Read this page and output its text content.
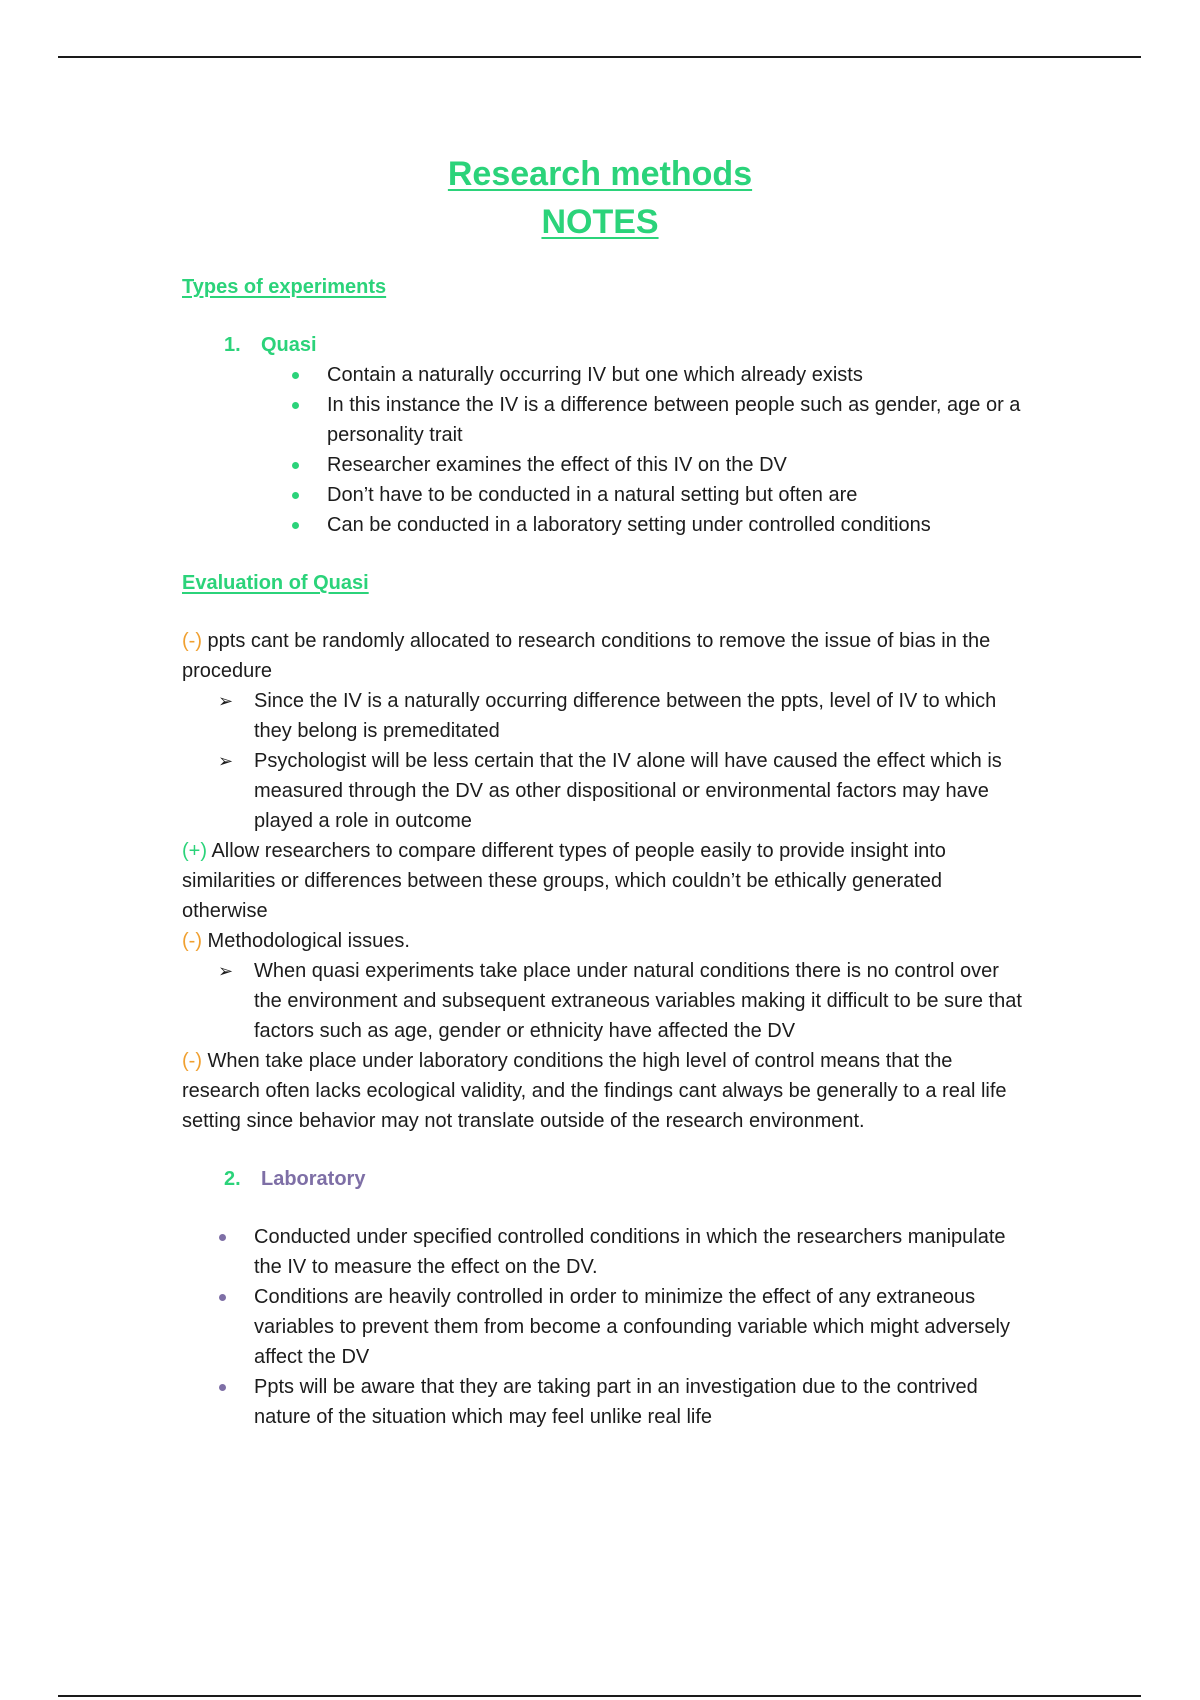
Research methods
NOTES
Types of experiments
1. Quasi
Contain a naturally occurring IV but one which already exists
In this instance the IV is a difference between people such as gender, age or a personality trait
Researcher examines the effect of this IV on the DV
Don’t have to be conducted in a natural setting but often are
Can be conducted in a laboratory setting under controlled conditions
Evaluation of Quasi

(-) ppts cant be randomly allocated to research conditions to remove the issue of bias in the procedure

➢ Since the IV is a naturally occurring difference between the ppts, level of IV to which they belong is premeditated
➢ Psychologist will be less certain that the IV alone will have caused the effect which is measured through the DV as other dispositional or environmental factors may have played a role in outcome

(+) Allow researchers to compare different types of people easily to provide insight into similarities or differences between these groups, which couldn’t be ethically generated otherwise

(-) Methodological issues.

➢ When quasi experiments take place under natural conditions there is no control over the environment and subsequent extraneous variables making it difficult to be sure that factors such as age, gender or ethnicity have affected the DV

(-) When take place under laboratory conditions the high level of control means that the research often lacks ecological validity, and the findings cant always be generally to a real life setting since behavior may not translate outside of the research environment.

2. Laboratory
Conducted under specified controlled conditions in which the researchers manipulate the IV to measure the effect on the DV.
Conditions are heavily controlled in order to minimize the effect of any extraneous variables to prevent them from become a confounding variable which might adversely affect the DV
Ppts will be aware that they are taking part in an investigation due to the contrived nature of the situation which may feel unlike real life
